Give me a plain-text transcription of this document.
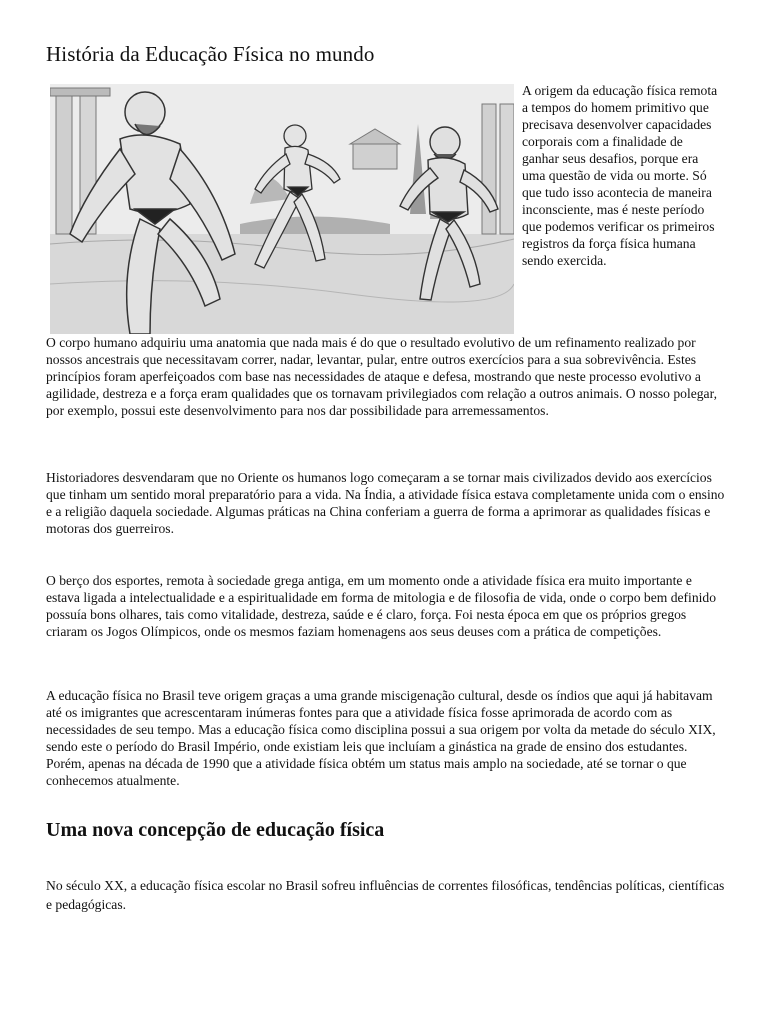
História da Educação Física no mundo
A origem da educação física remota a tempos do homem primitivo que precisava desenvolver capacidades corporais com a finalidade de ganhar seus desafios, porque era uma questão de vida ou morte. Só que tudo isso acontecia de maneira inconsciente, mas é neste período que podemos verificar os primeiros registros da força física humana sendo exercida.

O corpo humano adquiriu uma anatomia que nada mais é do que o resultado evolutivo de um refinamento realizado por nossos ancestrais que necessitavam correr, nadar, levantar, pular, entre outros exercícios para a sua sobrevivência. Estes princípios foram aperfeiçoados com base nas necessidades de ataque e defesa, mostrando que neste processo evolutivo a agilidade, destreza e a força eram qualidades que os tornavam privilegiados com relação a outros animais. O nosso polegar, por exemplo, possui este desenvolvimento para nos dar possibilidade para arremessamentos.

Historiadores desvendaram que no Oriente os humanos logo começaram a se tornar mais civilizados devido aos exercícios que tinham um sentido moral preparatório para a vida. Na Índia, a atividade física estava completamente unida com o ensino e a religião daquela sociedade. Algumas práticas na China conferiam a guerra de forma a aprimorar as qualidades físicas e motoras dos guerreiros.

O berço dos esportes, remota à sociedade grega antiga, em um momento onde a atividade física era muito importante e estava ligada a intelectualidade e a espiritualidade em forma de mitologia e de filosofia de vida, onde o corpo bem definido possuía bons olhares, tais como vitalidade, destreza, saúde e é claro, força. Foi nesta época em que os próprios gregos criaram os Jogos Olímpicos, onde os mesmos faziam homenagens aos seus deuses com a prática de competições.

A educação física no Brasil teve origem graças a uma grande miscigenação cultural, desde os índios que aqui já habitavam até os imigrantes que acrescentaram inúmeras fontes para que a atividade física fosse aprimorada de acordo com as necessidades de seu tempo. Mas a educação física como disciplina possui a sua origem por volta da metade do século XIX, sendo este o período do Brasil Império, onde existiam leis que incluíam a ginástica na grade de ensino dos estudantes. Porém, apenas na década de 1990 que a atividade física obtém um status mais amplo na sociedade, até se tornar o que conhecemos atualmente.

Uma nova concepção de educação física

No século XX, a educação física escolar no Brasil sofreu influências de correntes filosóficas, tendências políticas, científicas e pedagógicas.
